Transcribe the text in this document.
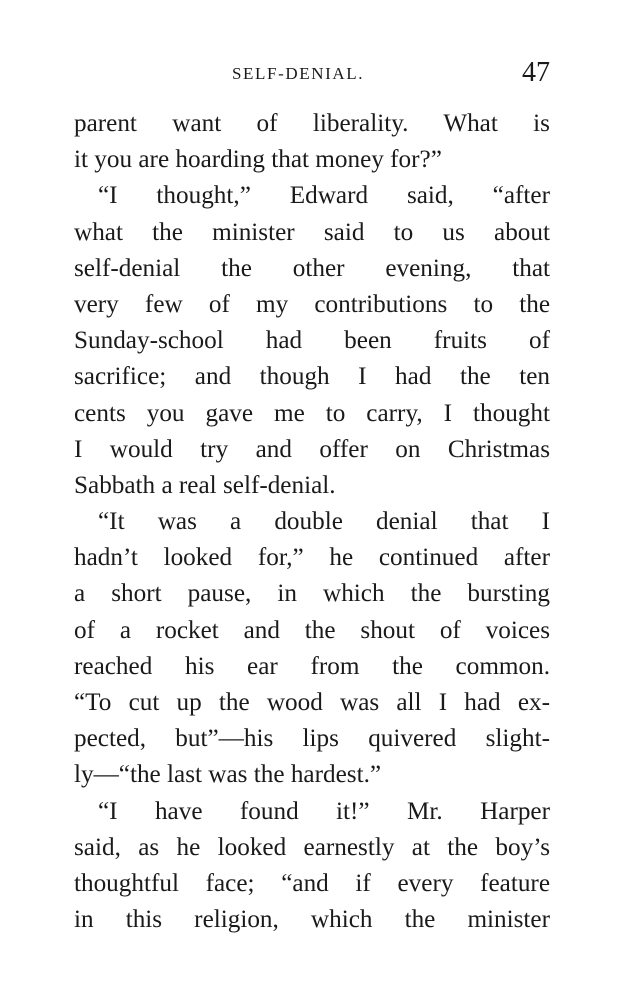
SELF-DENIAL.	47
parent want of liberality. What is
it you are hoarding that money for?”
“I thought,” Edward said, “after
what the minister said to us about
self-denial the other evening, that
very few of my contributions to the
Sunday-school had been fruits of
sacrifice; and though I had the ten
cents you gave me to carry, I thought
I would try and offer on Christmas
Sabbath a real self-denial.
“It was a double denial that I
hadn’t looked for,” he continued after
a short pause, in which the bursting
of a rocket and the shout of voices
reached his ear from the common.
“To cut up the wood was all I had ex-
pected, but”—his lips quivered slight-
ly—“the last was the hardest.”
“I have found it!” Mr. Harper
said, as he looked earnestly at the boy’s
thoughtful face; “and if every feature
in this religion, which the minister
